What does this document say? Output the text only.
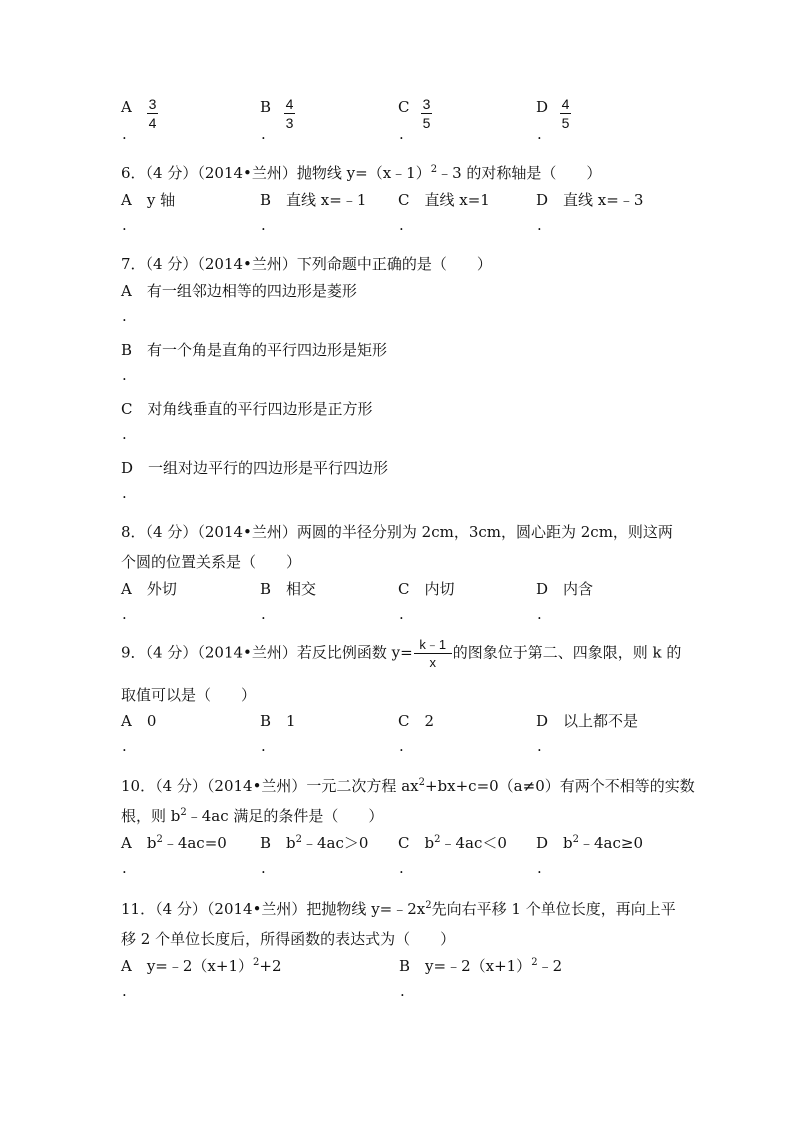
A 3
4
.
B 4
3
.
C 3
5
.
D 4
5
.
6．（4 分）（2014•兰州）抛物线 y=（x﹣1）$^2$﹣3 的对称轴是（　　）
A　y 轴	B　直线 x=﹣1 C　直线 x=1	D　直线 x=﹣3
.	.	.	.
7．（4 分）（2014•兰州）下列命题中正确的是（　　）
A　有一组邻边相等的四边形是菱形
.
B　有一个角是直角的平行四边形是矩形
.
C　对角线垂直的平行四边形是正方形
.
D　一组对边平行的四边形是平行四边形
.
8．（4 分）（2014•兰州）两圆的半径分别为 2cm，3cm，圆心距为 2cm，则这两
个圆的位置关系是（　　）
A　外切	B　相交	C　内切	D　内含
.	.	.	.
9．（4 分）（2014•兰州）若反比例函数 $y= \frac{k﹣1}{x}$ 的图象位于第二、四象限，则 k 的
取值可以是（　　）
A　0	B　1	C　2	D　以上都不是
.	.	.	.
10．（4 分）（2014•兰州）一元二次方程 $ax^2+bx+c=0(a\ne 0)$有两个不相等的实数
根，则 $b^2﹣4ac$ 满足的条件是（　　）
A　$b^2﹣4ac=0$ B　$b^2﹣4ac>0$ C　$b^2﹣4ac<0$ D　$b^2﹣4ac\ge 0$
.	.	.	.
11．（4 分）（2014•兰州）把抛物线 $y=﹣2x^2$先向右平移 1 个单位长度，再向上平
移 2 个单位长度后，所得函数的表达式为（　　）
A　$y=﹣2(x+1)^2+2$	B　$y=﹣2(x+1)^2﹣2$
.	.
